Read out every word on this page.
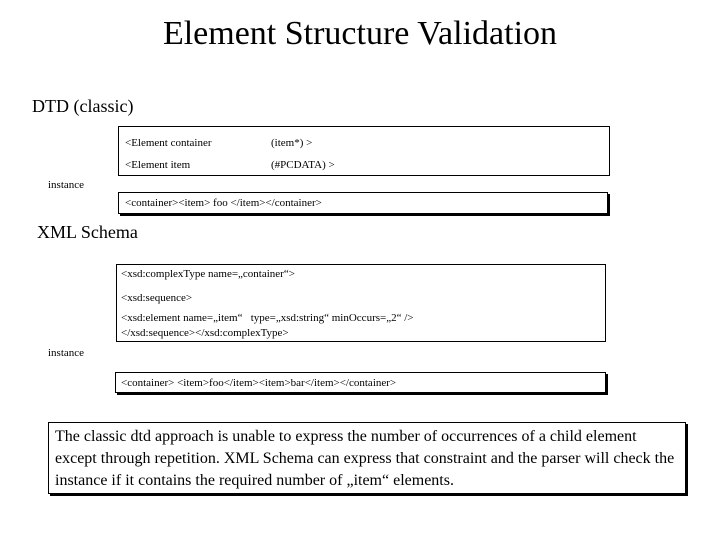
Element Structure Validation
DTD (classic)
<Element container	(item*) >
<Element item	(#PCDATA) >
instance
<container><item> foo </item></container>
XML Schema
<xsd:complexType name=„container“>
<xsd:sequence>
<xsd:element name=„item“   type=„xsd:string“ minOccurs=„2“ />
</xsd:sequence></xsd:complexType>
instance
<container> <item>foo</item><item>bar</item></container>
The classic dtd approach is unable to express the number of occurrences of a child element except through repetition. XML Schema can express that constraint and the parser will check the instance if it contains the required number of „item“ elements.
